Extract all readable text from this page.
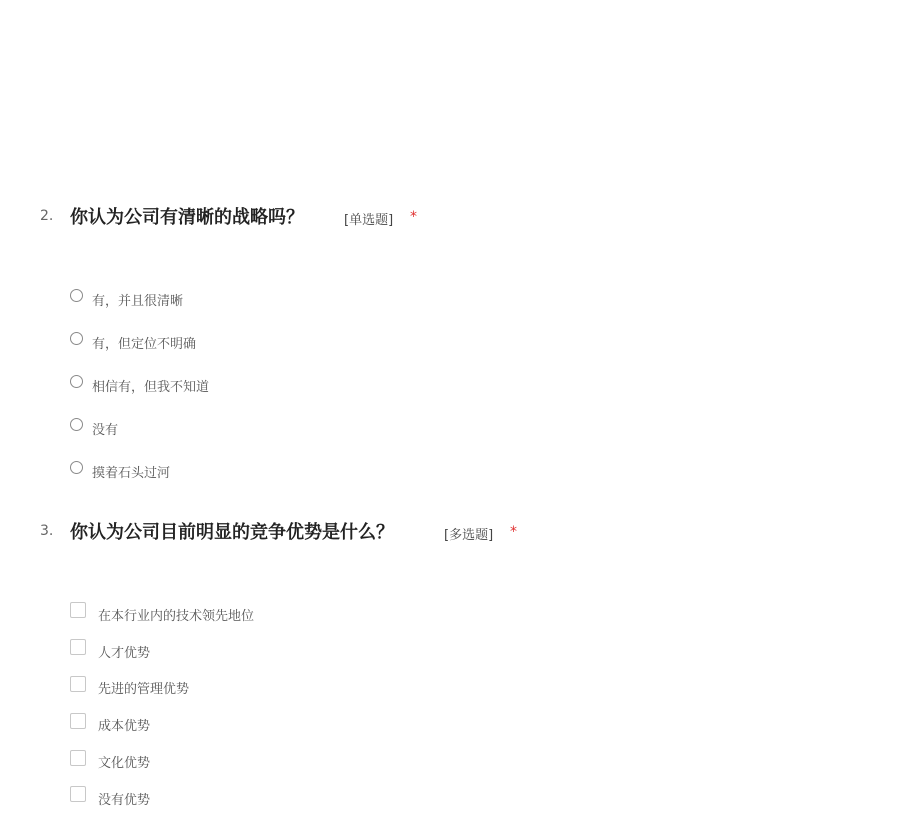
2. 你认为公司有清晰的战略吗？	[单选题] *
有，并且很清晰
有，但定位不明确
相信有，但我不知道
没有
摸着石头过河
3. 你认为公司目前明显的竞争优势是什么？	[多选题] *
在本行业内的技术领先地位
人才优势
先进的管理优势
成本优势
文化优势
没有优势
